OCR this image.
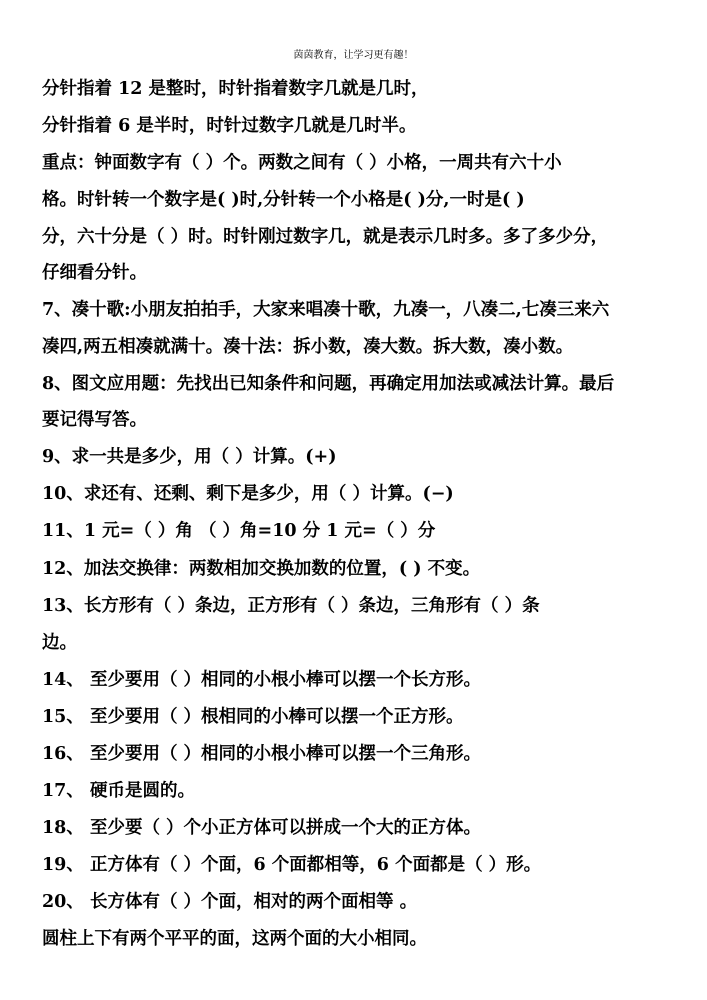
茵茵教育，让学习更有趣！
分针指着 12 是整时，时针指着数字几就是几时，
分针指着 6 是半时，时针过数字几就是几时半。
重点：钟面数字有（ ）个。两数之间有（ ）小格，一周共有六十小
格。时针转一个数字是( )时,分针转一个小格是( )分,一时是( )
分，六十分是（ ）时。时针刚过数字几，就是表示几时多。多了多少分，
仔细看分针。
7、凑十歌:小朋友拍拍手，大家来唱凑十歌，九凑一，八凑二,七凑三来六
凑四,两五相凑就满十。凑十法：拆小数，凑大数。拆大数，凑小数。
8、图文应用题：先找出已知条件和问题，再确定用加法或减法计算。最后
要记得写答。
9、求一共是多少，用（ ）计算。(+)
10、求还有、还剩、剩下是多少，用（ ）计算。(−)
11、1 元=（ ）角 （ ）角=10 分 1 元=（ ）分
12、加法交换律：两数相加交换加数的位置，( ) 不变。
13、长方形有（ ）条边，正方形有（ ）条边，三角形有（ ）条
边。
14、 至少要用（ ）相同的小根小棒可以摆一个长方形。
15、 至少要用（ ）根相同的小棒可以摆一个正方形。
16、 至少要用（ ）相同的小根小棒可以摆一个三角形。
17、 硬币是圆的。
18、 至少要（ ）个小正方体可以拼成一个大的正方体。
19、 正方体有（ ）个面，6 个面都相等，6 个面都是（ ）形。
20、 长方体有（ ）个面，相对的两个面相等 。
圆柱上下有两个平平的面，这两个面的大小相同。
